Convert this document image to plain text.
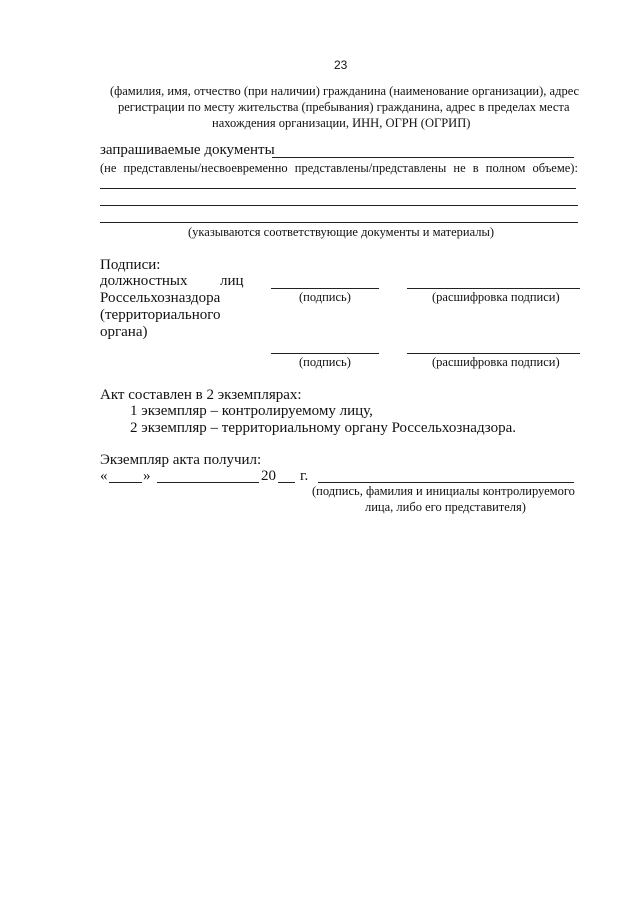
23
(фамилия, имя, отчество (при наличии) гражданина (наименование организации), адрес
регистрации по месту жительства (пребывания) гражданина, адрес в пределах места
нахождения организации, ИНН, ОГРН (ОГРИП)
запрашиваемые документы
(не представлены/несвоевременно представлены/представлены не в полном объеме):
(указываются соответствующие документы и материалы)
Подписи:
должностных лиц
Россельхозназдора
(территориального
органа)
(подпись)	(расшифровка подписи)
(подпись)	(расшифровка подписи)
Акт составлен в 2 экземплярах:
1 экземпляр – контролируемому лицу,
2 экземпляр – территориальному органу Россельхознадзора.
Экземпляр акта получил:
« »	20 г.
(подпись, фамилия и инициалы контролируемого
лица, либо его представителя)
